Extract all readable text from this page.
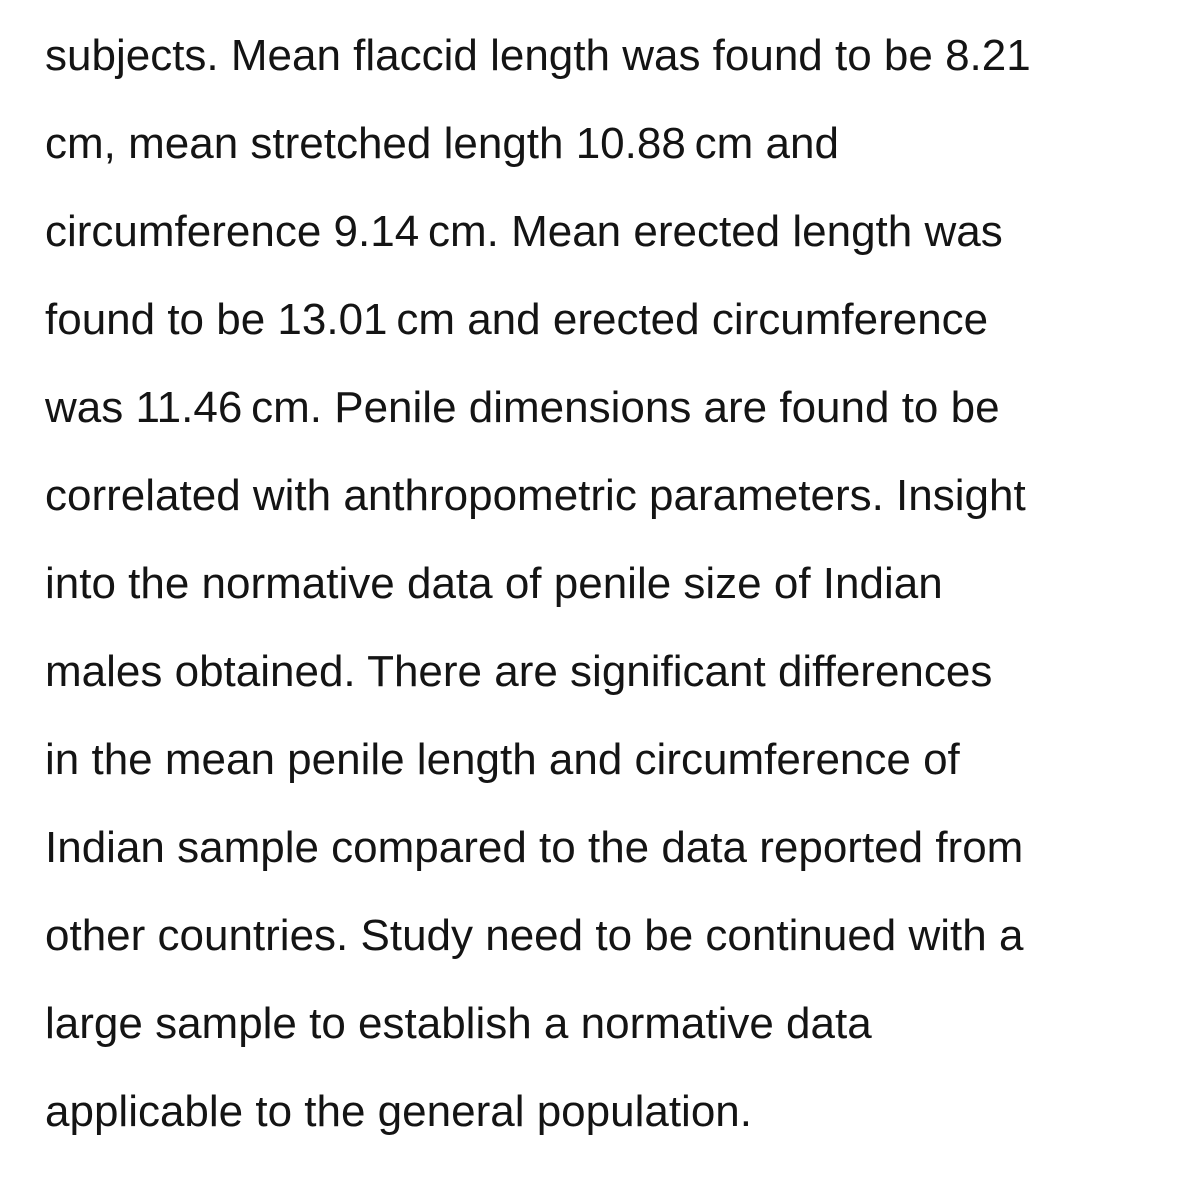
subjects. Mean flaccid length was found to be 8.21
cm, mean stretched length 10.88 cm and
circumference 9.14 cm. Mean erected length was
found to be 13.01 cm and erected circumference
was 11.46 cm. Penile dimensions are found to be
correlated with anthropometric parameters. Insight
into the normative data of penile size of Indian
males obtained. There are significant differences
in the mean penile length and circumference of
Indian sample compared to the data reported from
other countries. Study need to be continued with a
large sample to establish a normative data
applicable to the general population.
